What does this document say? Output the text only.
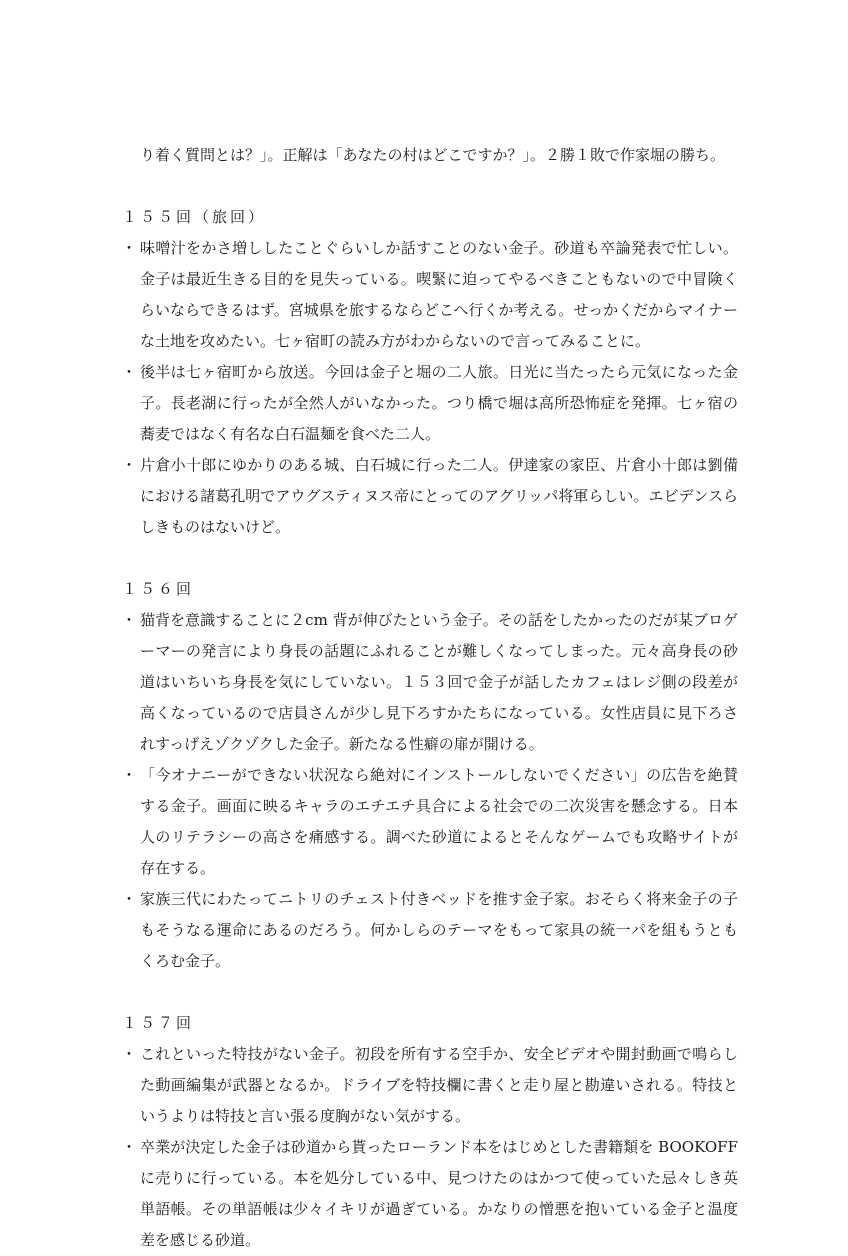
り着く質問とは？」。正解は「あなたの村はどこですか？」。２勝１敗で作家堀の勝ち。

１５５回（旅回）

・ 味噌汁をかさ増ししたことぐらいしか話すことのない金子。砂道も卒論発表で忙しい。金子は最近生きる目的を見失っている。喫緊に迫ってやるべきこともないので中冒険くらいならできるはず。宮城県を旅するならどこへ行くか考える。せっかくだからマイナーな土地を攻めたい。七ヶ宿町の読み方がわからないので言ってみることに。
・ 後半は七ヶ宿町から放送。今回は金子と堀の二人旅。日光に当たったら元気になった金子。長老湖に行ったが全然人がいなかった。つり橋で堀は高所恐怖症を発揮。七ヶ宿の蕎麦ではなく有名な白石温麺を食べた二人。
・ 片倉小十郎にゆかりのある城、白石城に行った二人。伊達家の家臣、片倉小十郎は劉備における諸葛孔明でアウグスティヌス帝にとってのアグリッパ将軍らしい。エビデンスらしきものはないけど。

１５６回

・ 猫背を意識することに２cm 背が伸びたという金子。その話をしたかったのだが某ブロゲーマーの発言により身長の話題にふれることが難しくなってしまった。元々高身長の砂道はいちいち身長を気にしていない。１５３回で金子が話したカフェはレジ側の段差が高くなっているので店員さんが少し見下ろすかたちになっている。女性店員に見下ろされすっげえゾクゾクした金子。新たなる性癖の扉が開ける。
・ 「今オナニーができない状況なら絶対にインストールしないでください」の広告を絶賛する金子。画面に映るキャラのエチエチ具合による社会での二次災害を懸念する。日本人のリテラシーの高さを痛感する。調べた砂道によるとそんなゲームでも攻略サイトが存在する。
・ 家族三代にわたってニトリのチェスト付きベッドを推す金子家。おそらく将来金子の子もそうなる運命にあるのだろう。何かしらのテーマをもって家具の統一パを組もうともくろむ金子。

１５７回

・ これといった特技がない金子。初段を所有する空手か、安全ビデオや開封動画で鳴らした動画編集が武器となるか。ドライブを特技欄に書くと走り屋と勘違いされる。特技というよりは特技と言い張る度胸がない気がする。
・ 卒業が決定した金子は砂道から貰ったローランド本をはじめとした書籍類を BOOKOFF に売りに行っている。本を処分している中、見つけたのはかつて使っていた忌々しき英単語帳。その単語帳は少々イキリが過ぎている。かなりの憎悪を抱いている金子と温度差を感じる砂道。
